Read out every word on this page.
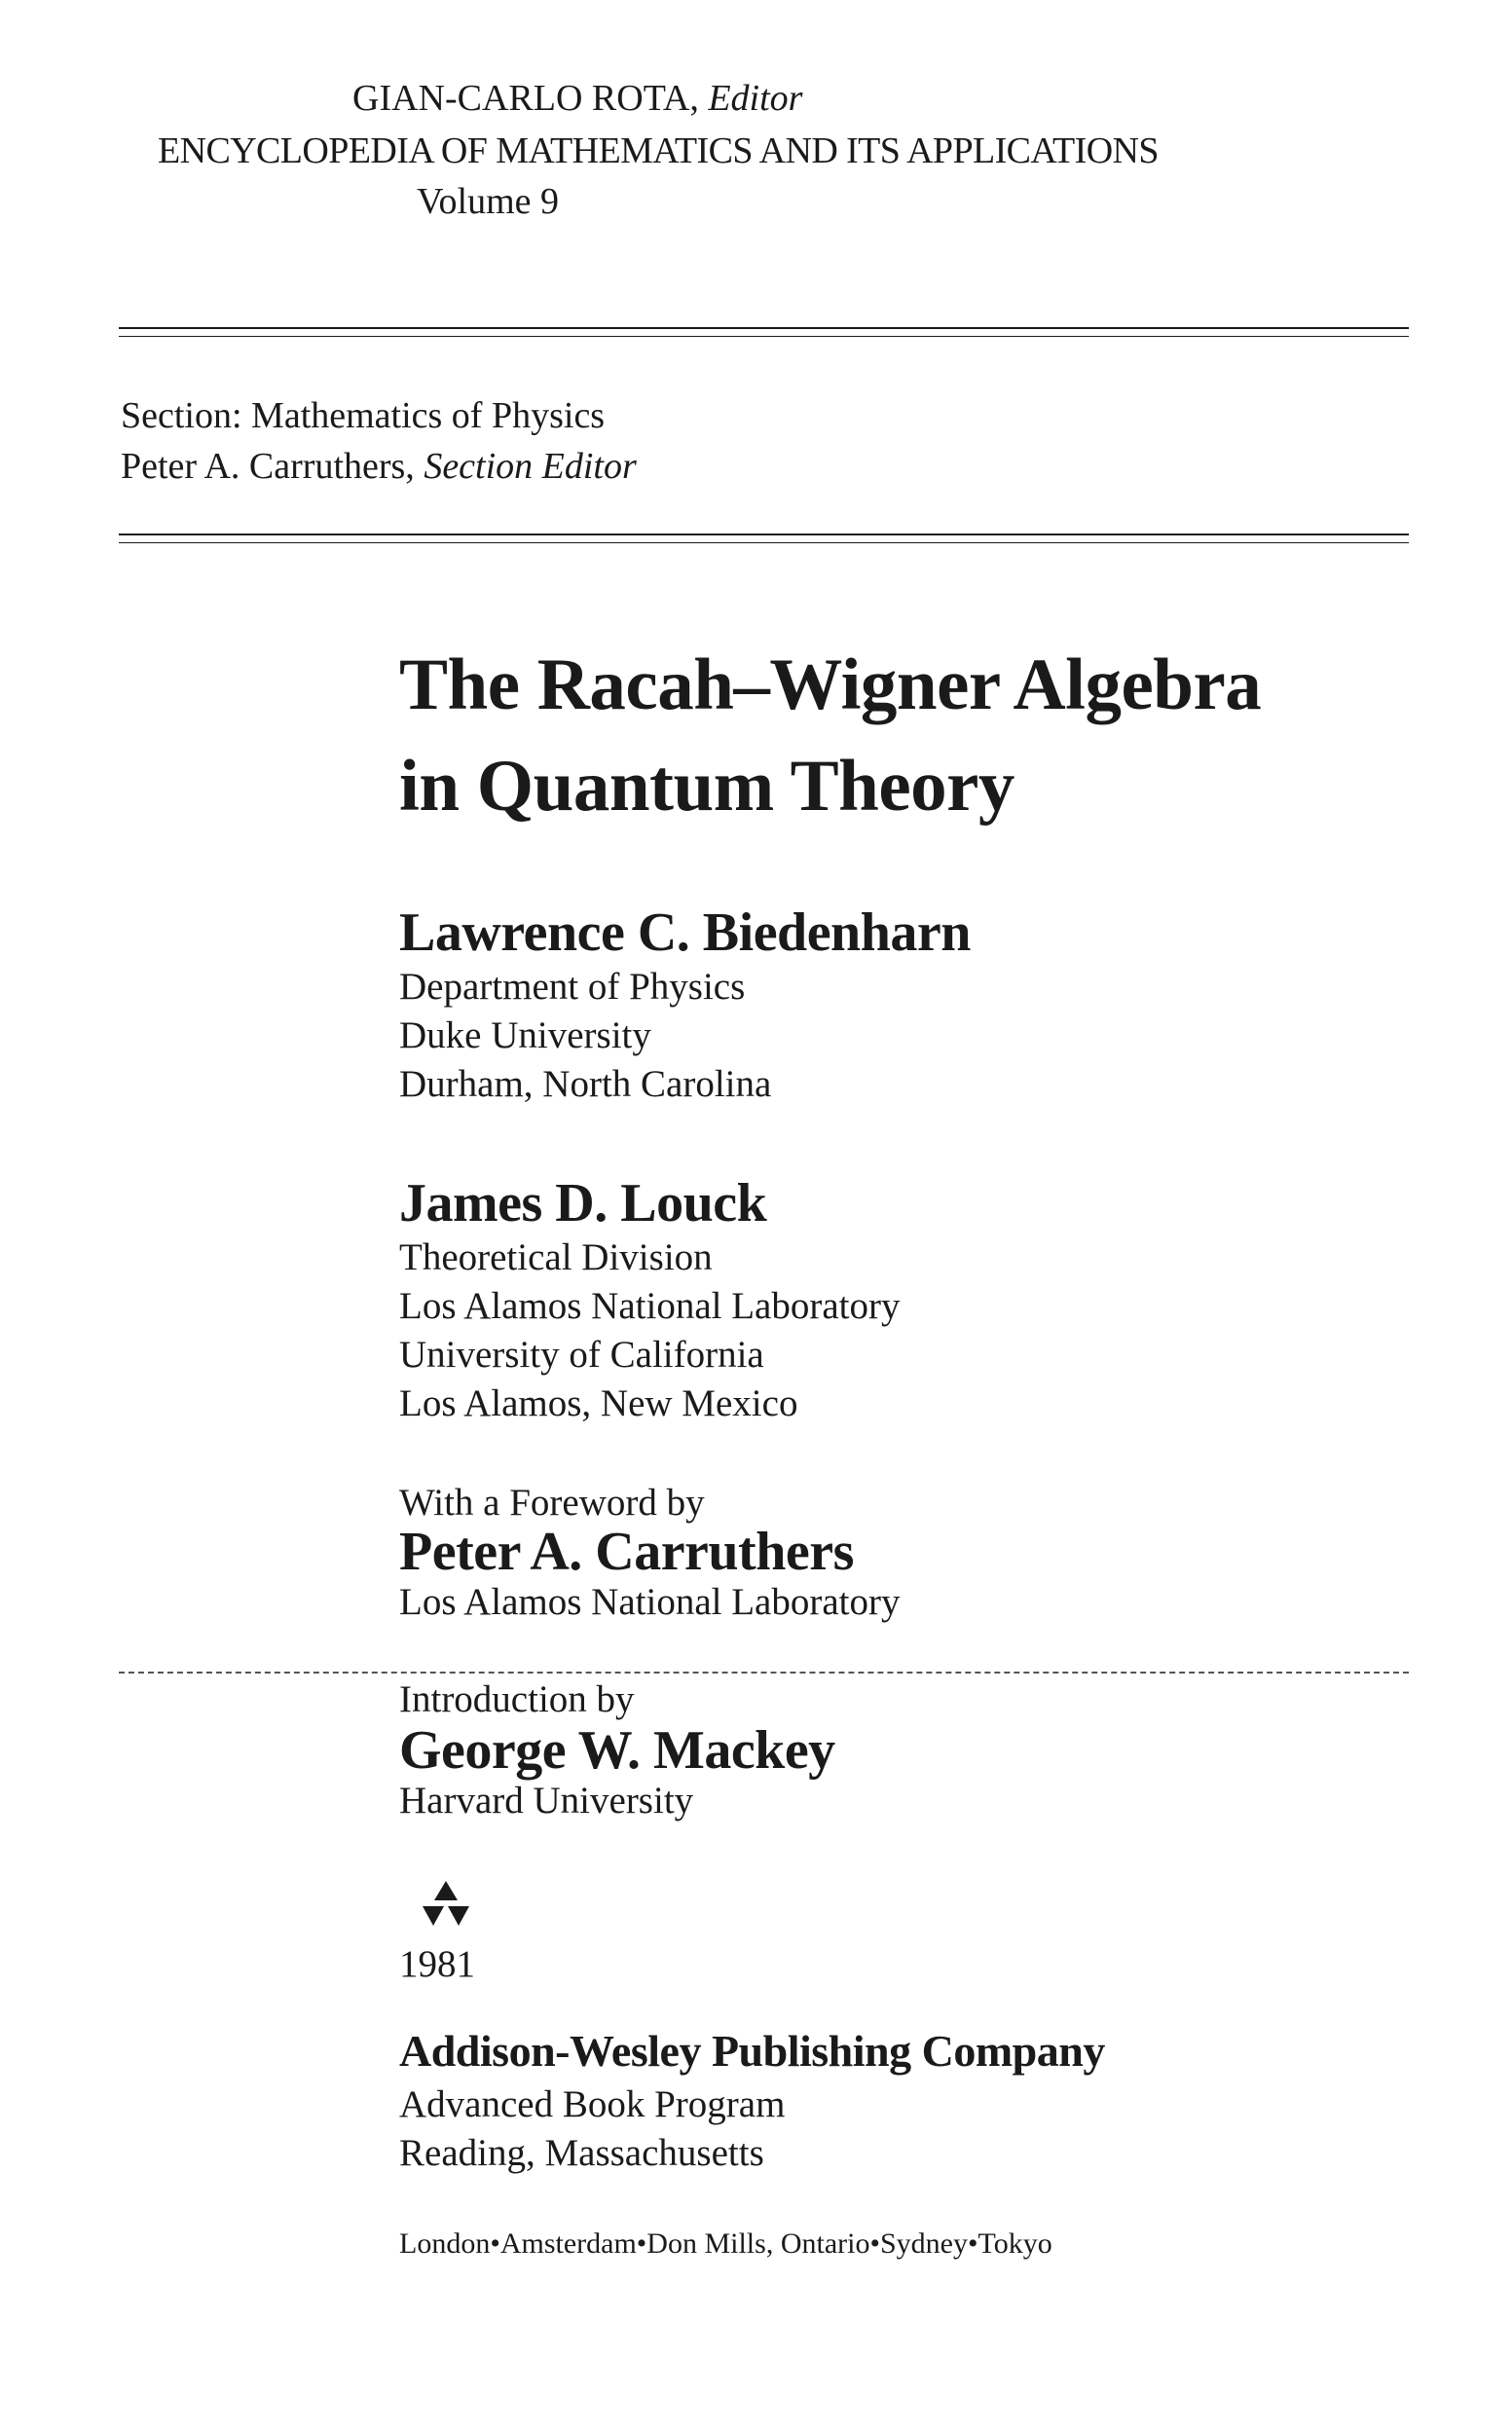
GIAN-CARLO ROTA, Editor
ENCYCLOPEDIA OF MATHEMATICS AND ITS APPLICATIONS
Volume 9
Section: Mathematics of Physics
Peter A. Carruthers, Section Editor
The Racah–Wigner Algebra
in Quantum Theory
Lawrence C. Biedenharn
Department of Physics
Duke University
Durham, North Carolina
James D. Louck
Theoretical Division
Los Alamos National Laboratory
University of California
Los Alamos, New Mexico
With a Foreword by
Peter A. Carruthers
Los Alamos National Laboratory
Introduction by
George W. Mackey
Harvard University
1981
Addison-Wesley Publishing Company
Advanced Book Program
Reading, Massachusetts
London•Amsterdam•Don Mills, Ontario•Sydney•Tokyo
